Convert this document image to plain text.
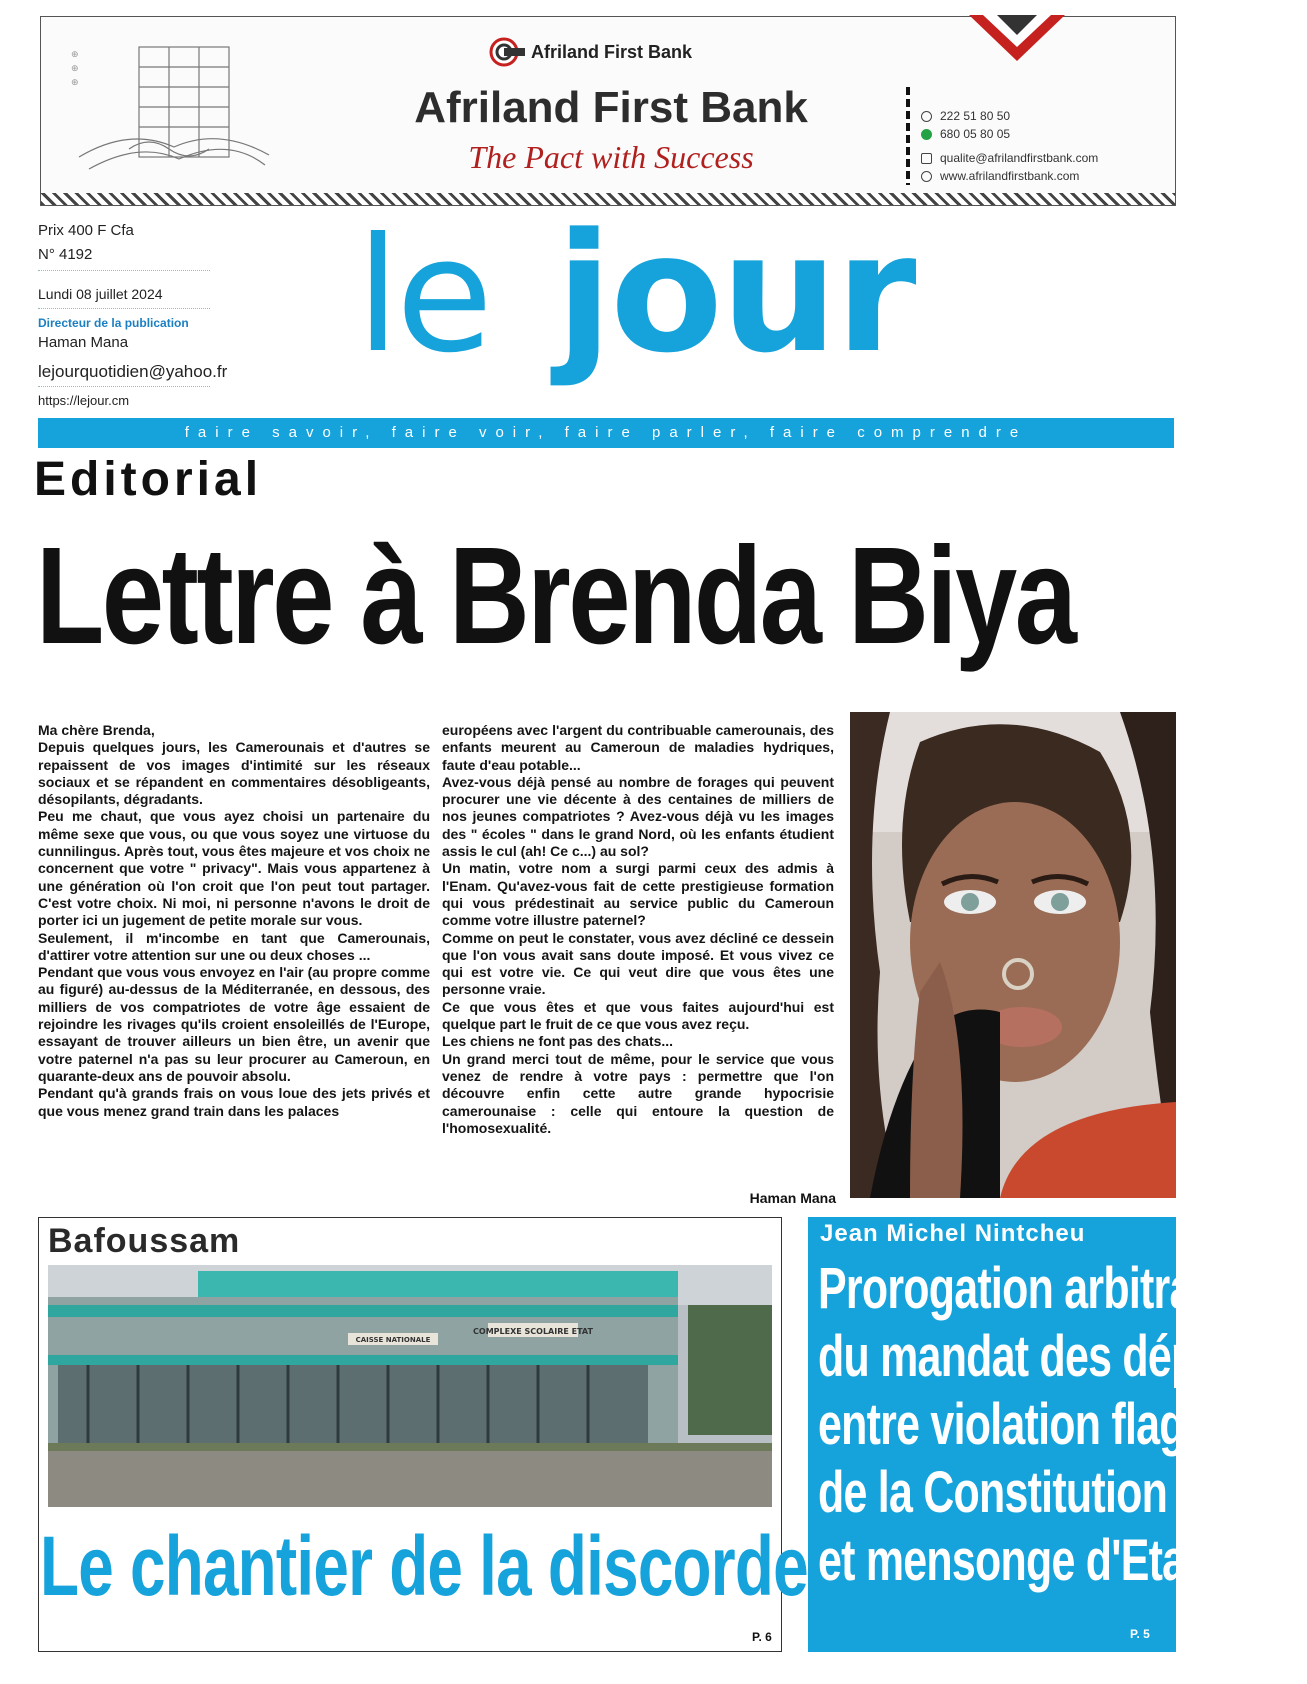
⊕
⊕
⊕
Afriland First Bank
Afriland First Bank
The Pact with Success
222 51 80 50
680 05 80 05
qualite@afrilandfirstbank.com
www.afrilandfirstbank.com
Prix 400 F Cfa
N° 4192
Lundi 08 juillet 2024
Directeur de la publication
Haman Mana
lejourquotidien@yahoo.fr
https://lejour.cm
le jour
faire savoir, faire voir, faire parler, faire comprendre
Editorial
Lettre à Brenda Biya

Ma chère Brenda,

Depuis quelques jours, les Camerounais et d'autres se repaissent de vos images d'intimité sur les réseaux sociaux et se répandent en commentaires désobligeants, désopilants, dégradants.

Peu me chaut, que vous ayez choisi un partenaire du même sexe que vous, ou que vous soyez une virtuose du cunnilingus. Après tout, vous êtes majeure et vos choix ne concernent que votre " privacy". Mais vous appartenez à une génération où l'on croit que l'on peut tout partager. C'est votre choix. Ni moi, ni personne n'avons le droit de porter ici un jugement de petite morale sur vous.

Seulement, il m'incombe en tant que Camerounais, d'attirer votre attention sur une ou deux choses ...

Pendant que vous vous envoyez en l'air (au propre comme au figuré) au-dessus de la Méditerranée, en dessous, des milliers de vos compatriotes de votre âge essaient de rejoindre les rivages qu'ils croient ensoleillés de l'Europe, essayant de trouver ailleurs un bien être, un avenir que votre paternel n'a pas su leur procurer au Cameroun, en quarante-deux ans de pouvoir absolu.

Pendant qu'à grands frais on vous loue des jets privés et que vous menez grand train dans les palaces

européens avec l'argent du contribuable camerounais, des enfants meurent au Cameroun de maladies hydriques, faute d'eau potable...

Avez-vous déjà pensé au nombre de forages qui peuvent procurer une vie décente à des centaines de milliers de nos jeunes compatriotes ? Avez-vous déjà vu les images des " écoles " dans le grand Nord, où les enfants étudient assis le cul (ah! Ce c...) au sol?

Un matin, votre nom a surgi parmi ceux des admis à l'Enam. Qu'avez-vous fait de cette prestigieuse formation qui vous prédestinait au service public du Cameroun comme votre illustre paternel?

Comme on peut le constater, vous avez décliné ce dessein que l'on vous avait sans doute imposé. Et vous vivez ce qui est votre vie. Ce qui veut dire que vous êtes une personne vraie.

Ce que vous êtes et que vous faites aujourd'hui est quelque part le fruit de ce que vous avez reçu.

Les chiens ne font pas des chats...

Un grand merci tout de même, pour le service que vous venez de rendre à votre pays : permettre que l'on découvre enfin cette autre grande hypocrisie camerounaise : celle qui entoure la question de l'homosexualité.

Haman Mana
Bafoussam
COMPLEXE SCOLAIRE ETAT
CAISSE NATIONALE
Le chantier de la discorde
P. 6
Jean Michel Nintcheu
Prorogation arbitraire
du mandat des députés :
entre violation flagrante
de la Constitution
et mensonge d'Etat
P. 5
